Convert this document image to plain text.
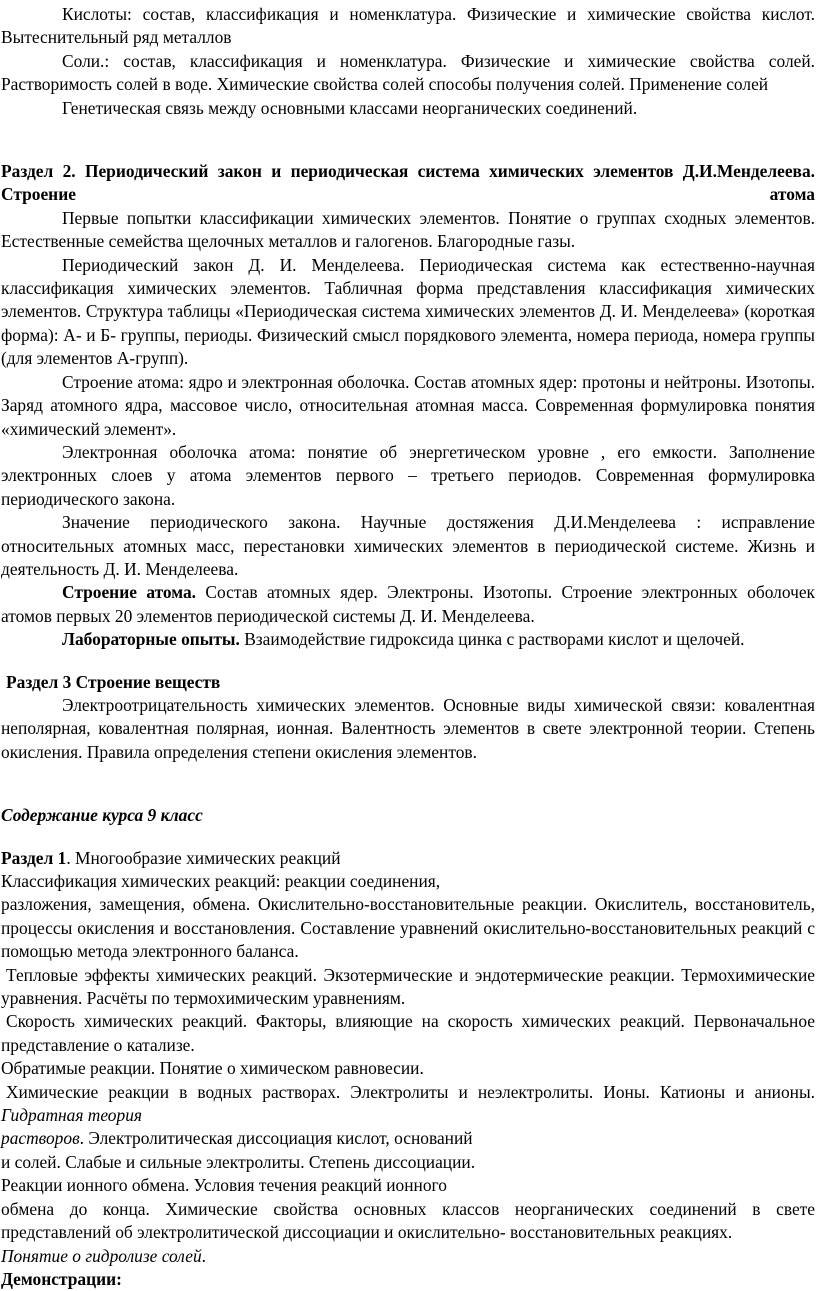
Кислоты: состав, классификация и номенклатура. Физические и химические свойства кислот. Вытеснительный ряд металлов

Соли.: состав, классификация и номенклатура. Физические и химические свойства солей. Растворимость солей в воде. Химические свойства солей способы получения солей. Применение солей

Генетическая связь между основными классами неорганических соединений.

Раздел 2. Периодический закон и периодическая система химических элементов Д.И.Менделеева. Строение атома

Первые попытки классификации химических элементов. Понятие о группах сходных элементов. Естественные семейства щелочных металлов и галогенов. Благородные газы.

Периодический закон Д. И. Менделеева. Периодическая система как естественно-научная классификация химических элементов. Табличная форма представления классификация химических элементов. Структура таблицы «Периодическая система химических элементов Д. И. Менделеева» (короткая форма): А- и Б- группы, периоды. Физический смысл порядкового элемента, номера периода, номера группы (для элементов А-групп).

Строение атома: ядро и электронная оболочка. Состав атомных ядер: протоны и нейтроны. Изотопы. Заряд атомного ядра, массовое число, относительная атомная масса. Современная формулировка понятия «химический элемент».

Электронная оболочка атома: понятие об энергетическом уровне , его емкости. Заполнение электронных слоев у атома элементов первого – третьего периодов. Современная формулировка периодического закона.

Значение периодического закона. Научные достяжения Д.И.Менделеева : исправление относительных атомных масс, перестановки химических элементов в периодической системе. Жизнь и деятельность Д. И. Менделеева.

Строение атома. Состав атомных ядер. Электроны. Изотопы. Строение электронных оболочек атомов первых 20 элементов периодической системы Д. И. Менделеева.

Лабораторные опыты. Взаимодействие гидроксида цинка с растворами кислот и щелочей.

Раздел 3 Строение веществ

Электроотрицательность химических элементов. Основные виды химической связи: ковалентная неполярная, ковалентная полярная, ионная. Валентность элементов в свете электронной теории. Степень окисления. Правила определения степени окисления элементов.

Содержание курса 9 класс

Раздел 1. Многообразие химических реакций

Классификация химических реакций: реакции соединения,

разложения, замещения, обмена. Окислительно-восстановительные реакции. Окислитель, восстановитель, процессы окисления и восстановления. Составление уравнений окислительно-восстановительных реакций с помощью метода электронного баланса.

Тепловые эффекты химических реакций. Экзотермические и эндотермические реакции. Термохимические уравнения. Расчёты по термохимическим уравнениям.

Скорость химических реакций. Факторы, влияющие на скорость химических реакций. Первоначальное представление о катализе.

Обратимые реакции. Понятие о химическом равновесии.

Химические реакции в водных растворах. Электролиты и неэлектролиты. Ионы. Катионы и анионы. Гидратная теория

растворов. Электролитическая диссоциация кислот, оснований

и солей. Слабые и сильные электролиты. Степень диссоциации.

Реакции ионного обмена. Условия течения реакций ионного

обмена до конца. Химические свойства основных классов неорганических соединений в свете представлений об электролитической диссоциации и окислительно- восстановительных реакциях.

Понятие о гидролизе солей.

Демонстрации:
